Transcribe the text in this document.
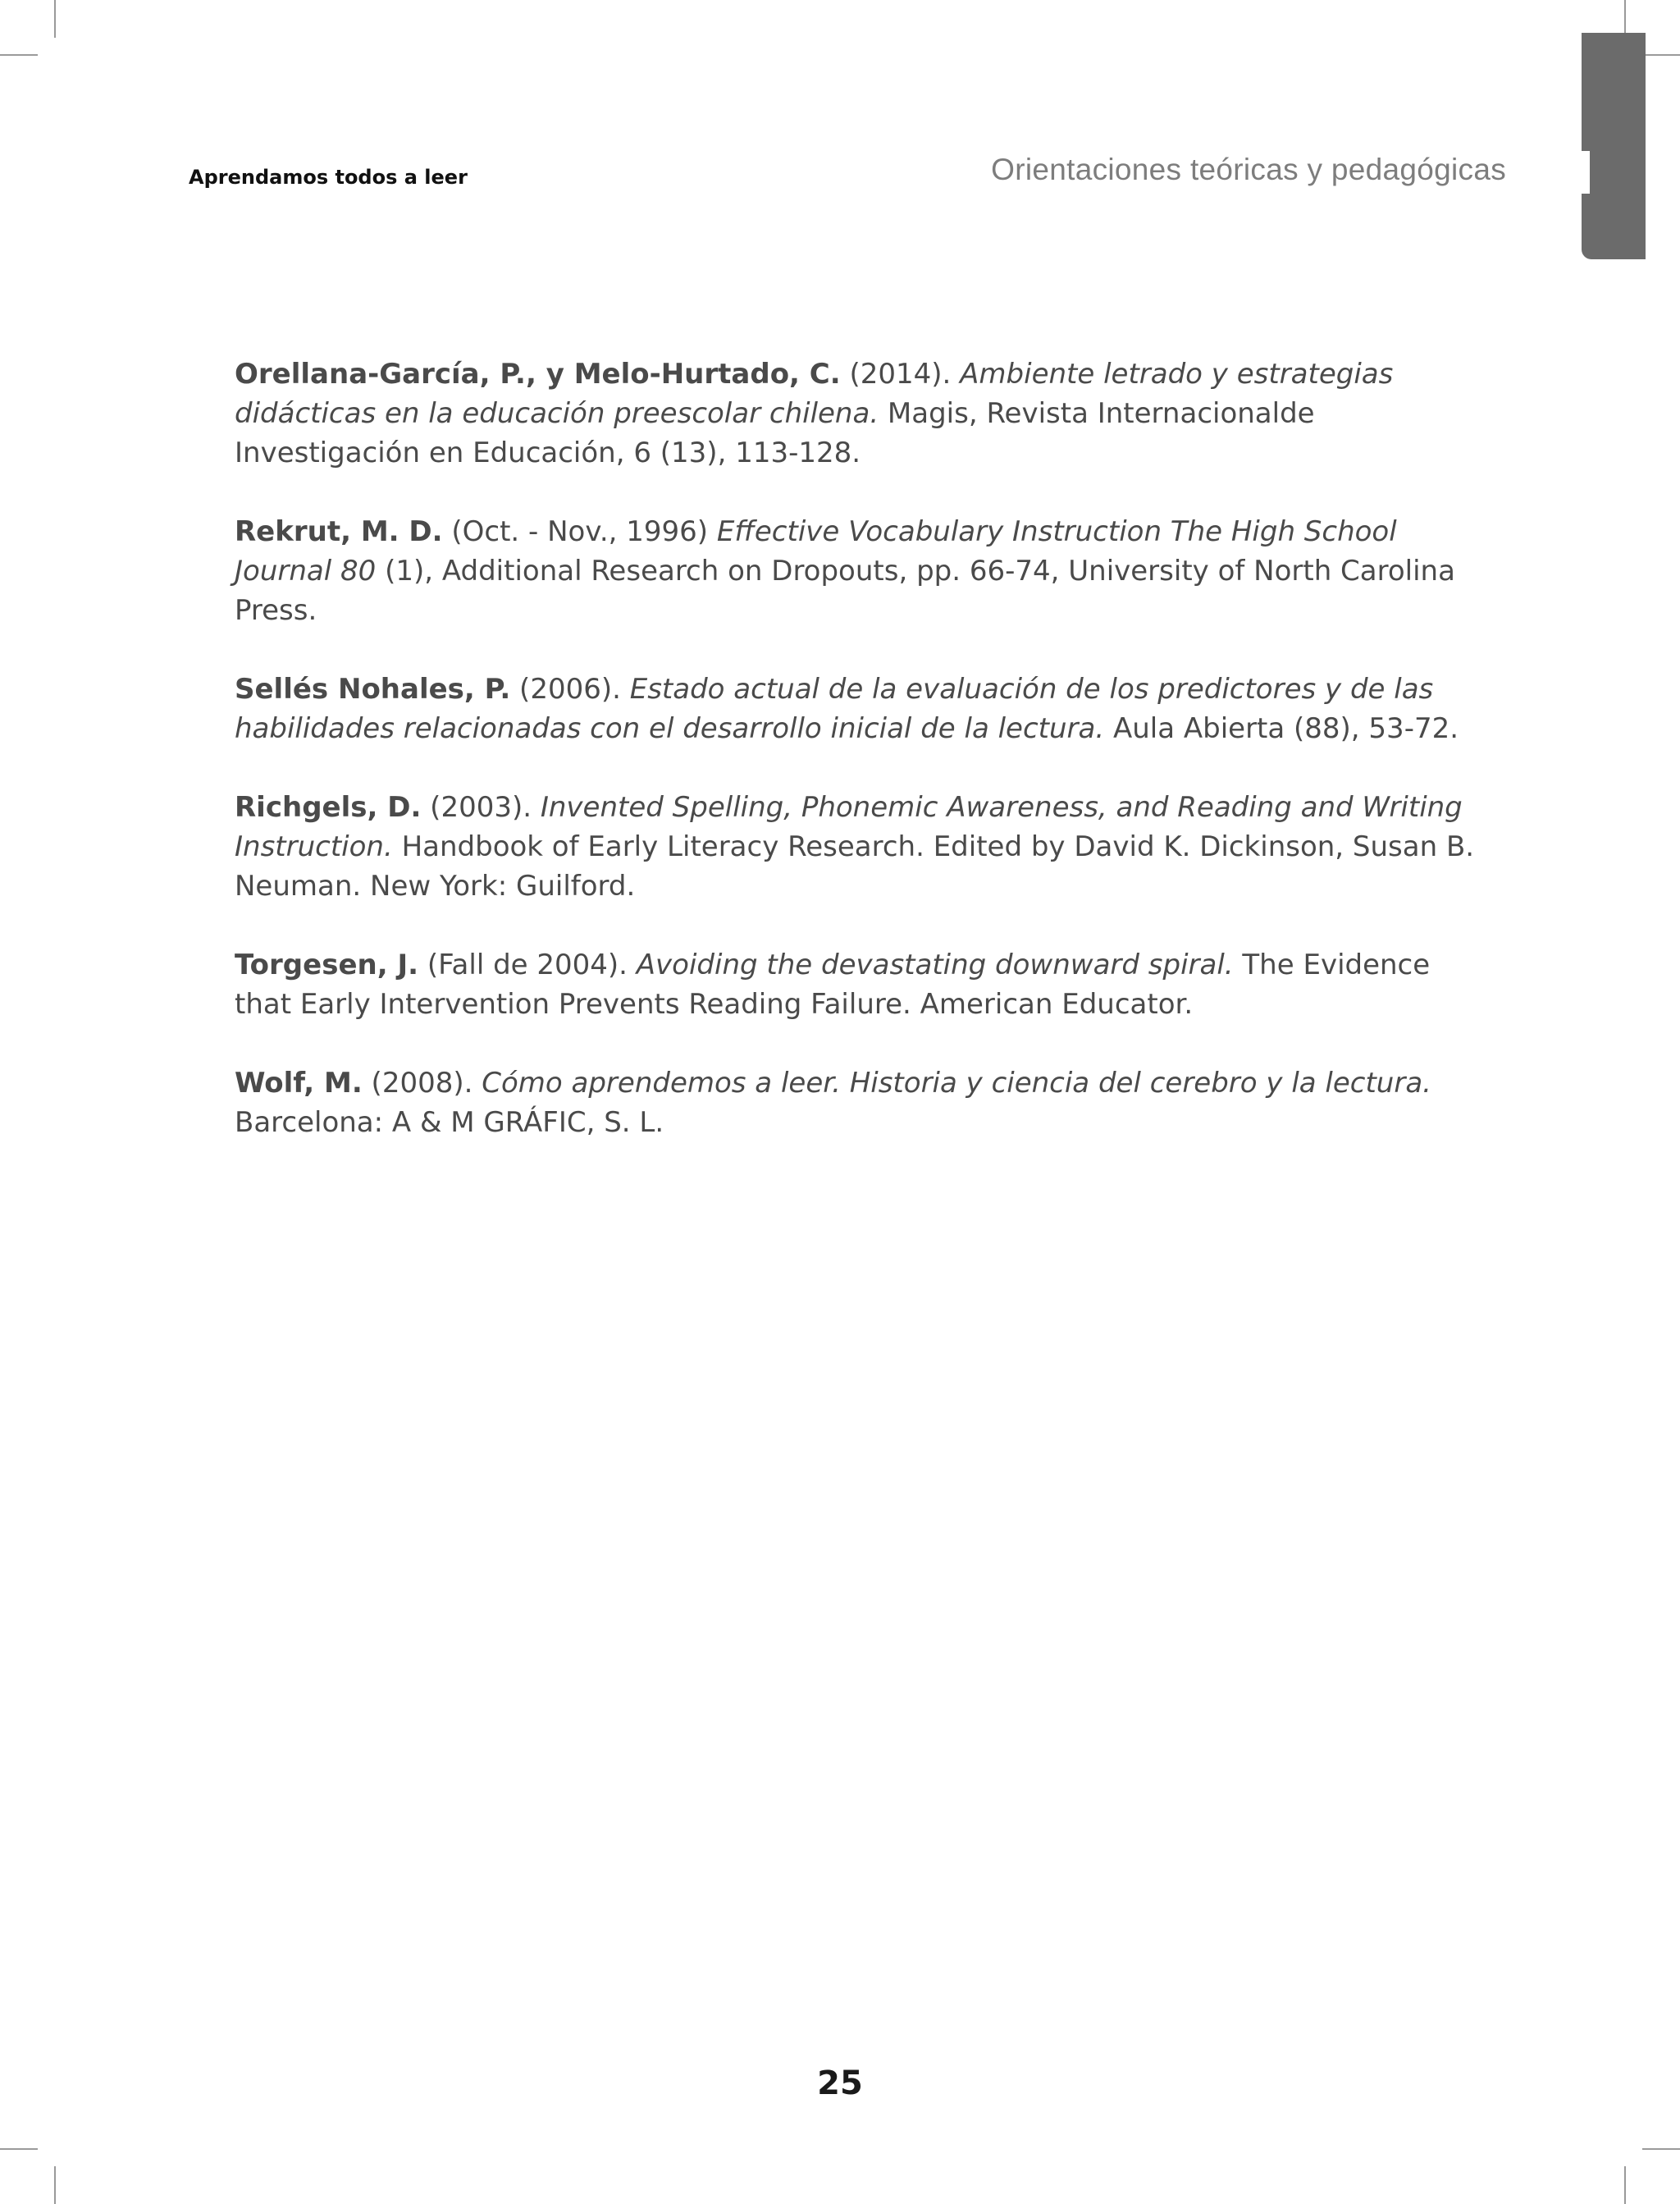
Aprendamos todos a leer	Orientaciones teóricas y pedagógicas
Orellana-García, P., y Melo-Hurtado, C. (2014). Ambiente letrado y estrategias didácticas en la educación preescolar chilena. Magis, Revista Internacionalde Investigación en Educación, 6 (13), 113-128.
Rekrut, M. D. (Oct. - Nov., 1996) Effective Vocabulary Instruction The High School Journal 80 (1), Additional Research on Dropouts, pp. 66-74, University of North Carolina Press.
Sellés Nohales, P. (2006). Estado actual de la evaluación de los predictores y de las habilidades relacionadas con el desarrollo inicial de la lectura. Aula Abierta (88), 53-72.
Richgels, D. (2003). Invented Spelling, Phonemic Awareness, and Reading and Writing Instruction. Handbook of Early Literacy Research. Edited by David K. Dickinson, Susan B. Neuman. New York: Guilford.
Torgesen, J. (Fall de 2004). Avoiding the devastating downward spiral. The Evidence that Early Intervention Prevents Reading Failure. American Educator.
Wolf, M. (2008). Cómo aprendemos a leer. Historia y ciencia del cerebro y la lectura. Barcelona: A & M GRÁFIC, S. L.
25
